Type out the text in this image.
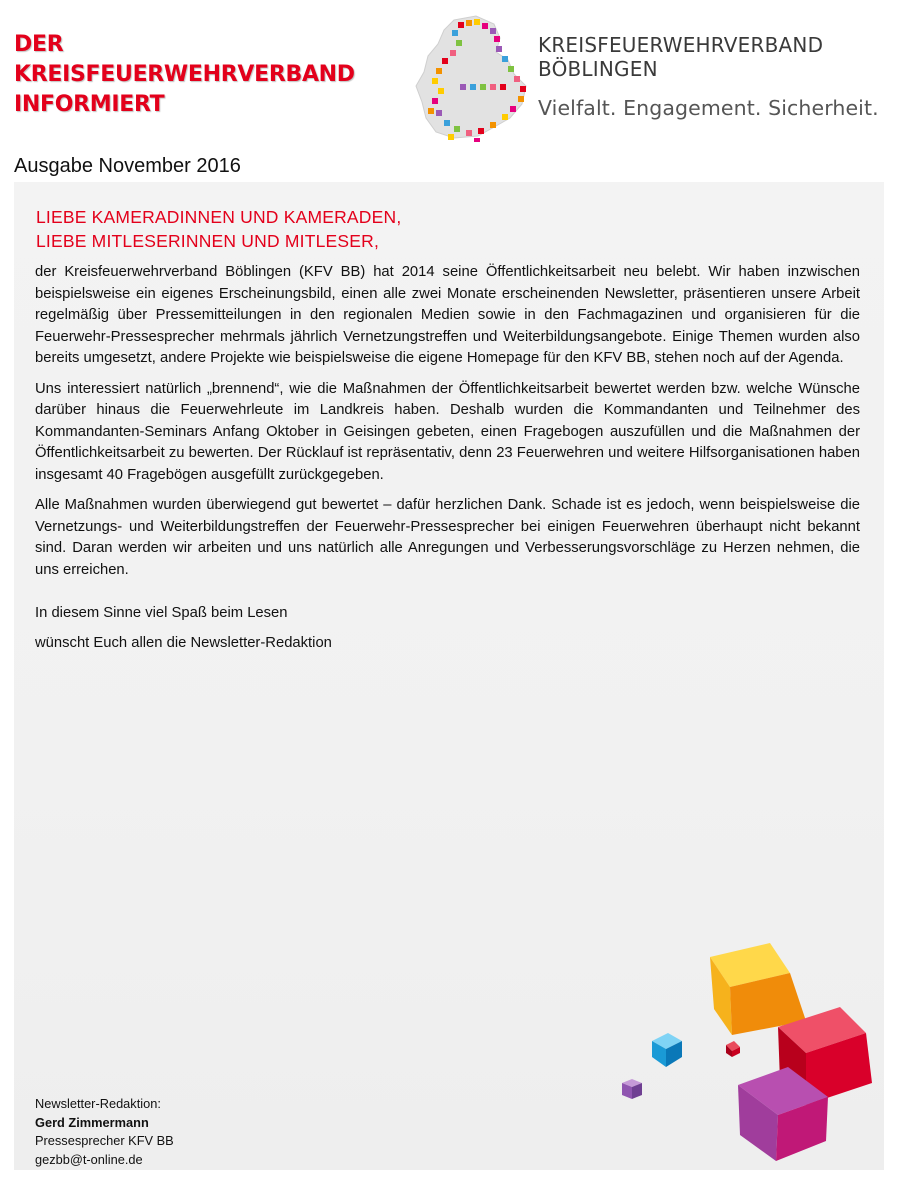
DER
KREISFEUERWEHRVERBAND
INFORMIERT
KREISFEUERWEHRVERBAND
BÖBLINGEN
Vielfalt. Engagement. Sicherheit.
Ausgabe November 2016
LIEBE KAMERADINNEN UND KAMERADEN,
LIEBE MITLESERINNEN UND MITLESER,

der Kreisfeuerwehrverband Böblingen (KFV BB) hat 2014 seine Öffentlichkeitsarbeit neu belebt. Wir haben inzwischen beispielsweise ein eigenes Erscheinungsbild, einen alle zwei Monate erscheinenden Newsletter, präsentieren unsere Arbeit regelmäßig über Pressemitteilungen in den regionalen Medien sowie in den Fachmagazinen und organisieren für die Feuerwehr-Pressesprecher mehrmals jährlich Vernetzungstreffen und Weiterbildungsangebote. Einige Themen wurden also bereits umgesetzt, andere Projekte wie beispielsweise die eigene Homepage für den KFV BB, stehen noch auf der Agenda.

Uns interessiert natürlich „brennend“, wie die Maßnahmen der Öffentlichkeitsarbeit bewertet werden bzw. welche Wünsche darüber hinaus die Feuerwehrleute im Landkreis haben. Deshalb wurden die Kommandanten und Teilnehmer des Kommandanten-Seminars Anfang Oktober in Geisingen gebeten, einen Fragebogen auszufüllen und die Maßnahmen der Öffentlichkeitsarbeit zu bewerten. Der Rücklauf ist repräsentativ, denn 23 Feuerwehren und weitere Hilfsorganisationen haben insgesamt 40 Fragebögen ausgefüllt zurückgegeben.

Alle Maßnahmen wurden überwiegend gut bewertet – dafür herzlichen Dank. Schade ist es jedoch, wenn beispielsweise die Vernetzungs- und Weiterbildungstreffen der Feuerwehr-Pressesprecher bei einigen Feuerwehren überhaupt nicht bekannt sind. Daran werden wir arbeiten und uns natürlich alle Anregungen und Verbesserungsvorschläge zu Herzen nehmen, die uns erreichen.

In diesem Sinne viel Spaß beim Lesen
wünscht Euch allen die Newsletter-Redaktion
Newsletter-Redaktion:
Gerd Zimmermann
Pressesprecher KFV BB
gezbb@t-online.de
